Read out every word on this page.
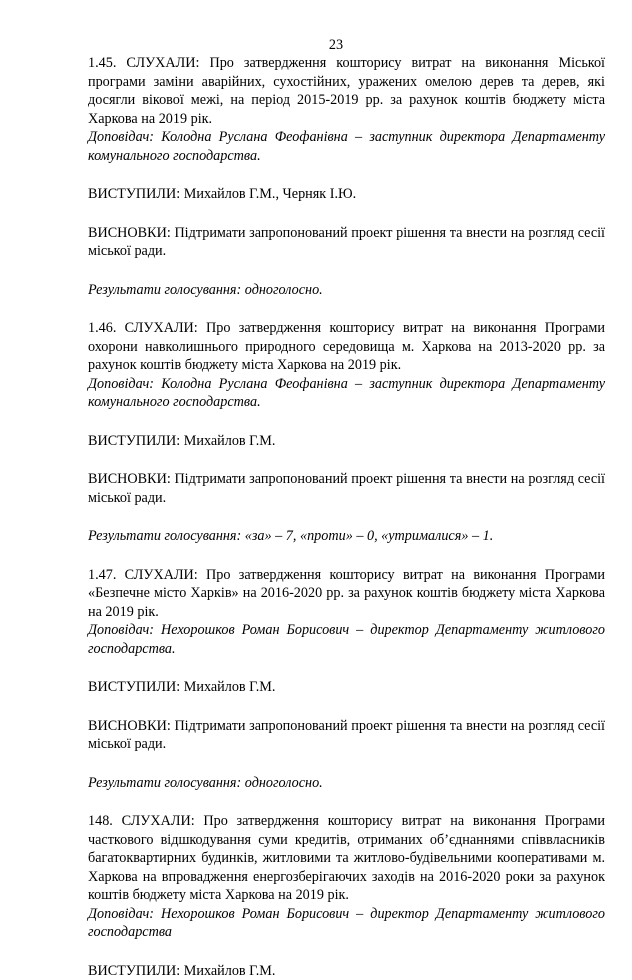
23

1.45. СЛУХАЛИ: Про затвердження кошторису витрат на виконання Міської програми заміни аварійних, сухостійних, уражених омелою дерев та дерев, які досягли вікової межі, на період 2015-2019 рр. за рахунок коштів бюджету міста Харкова на 2019 рік.

Доповідач: Колодна Руслана Феофанівна – заступник директора Департаменту комунального господарства.

ВИСТУПИЛИ: Михайлов Г.М., Черняк І.Ю.

ВИСНОВКИ: Підтримати запропонований проект рішення та внести на розгляд сесії міської ради.

Результати голосування: одноголосно.

1.46. СЛУХАЛИ: Про затвердження кошторису витрат на виконання Програми охорони навколишнього природного середовища м. Харкова на 2013-2020 рр. за рахунок коштів бюджету міста Харкова на 2019 рік.

Доповідач: Колодна Руслана Феофанівна – заступник директора Департаменту комунального господарства.

ВИСТУПИЛИ: Михайлов Г.М.

ВИСНОВКИ: Підтримати запропонований проект рішення та внести на розгляд сесії міської ради.

Результати голосування: «за» – 7, «проти» – 0, «утрималися» – 1.

1.47. СЛУХАЛИ: Про затвердження кошторису витрат на виконання Програми «Безпечне місто Харків» на 2016-2020 рр. за рахунок коштів бюджету міста Харкова на 2019 рік.

Доповідач: Нехорошков Роман Борисович – директор Департаменту житлового господарства.

ВИСТУПИЛИ: Михайлов Г.М.

ВИСНОВКИ: Підтримати запропонований проект рішення та внести на розгляд сесії міської ради.

Результати голосування: одноголосно.

148. СЛУХАЛИ: Про затвердження кошторису витрат на виконання Програми часткового відшкодування суми кредитів, отриманих об’єднаннями співвласників багатоквартирних будинків, житловими та житлово-будівельними кооперативами м. Харкова на впровадження енергозберігаючих заходів на 2016-2020 роки за рахунок коштів бюджету міста Харкова на 2019 рік.

Доповідач: Нехорошков Роман Борисович – директор Департаменту житлового господарства

ВИСТУПИЛИ: Михайлов Г.М.
